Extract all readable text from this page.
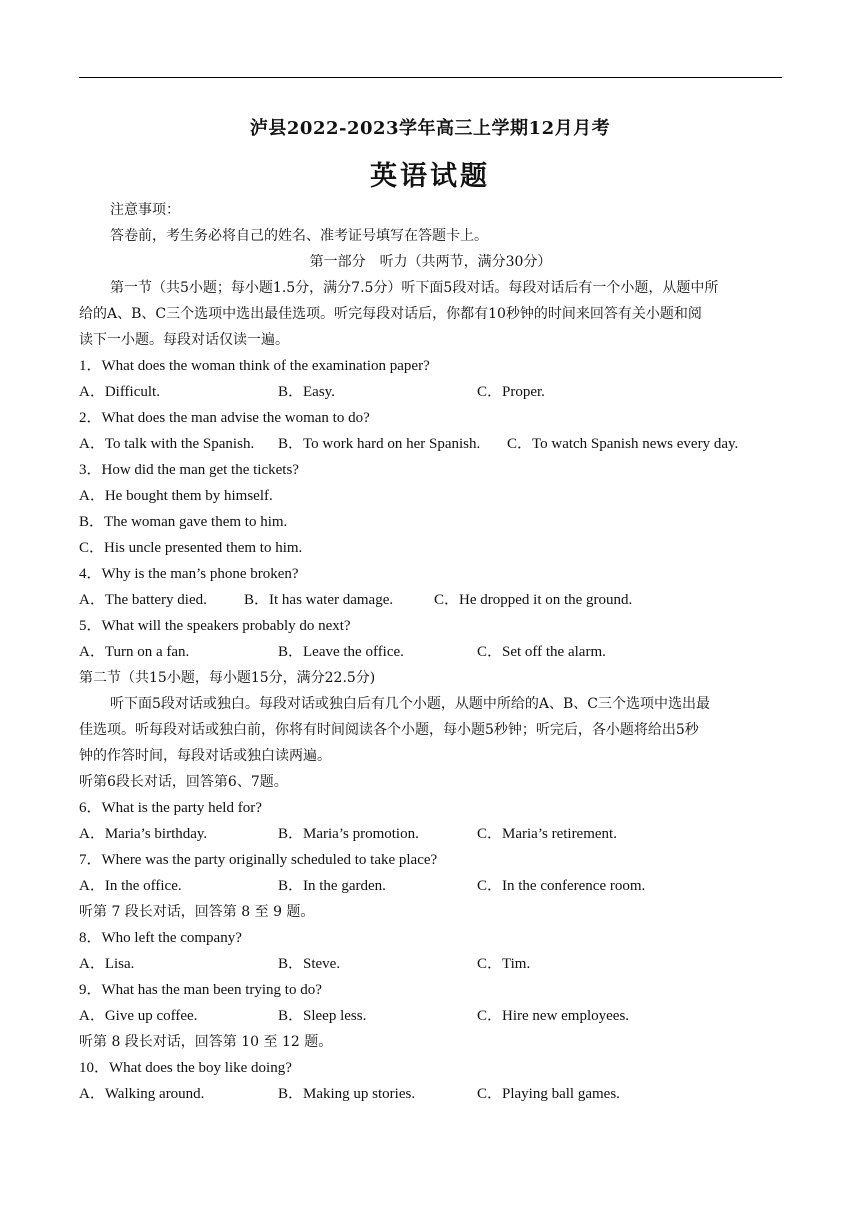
泸县2022-2023学年高三上学期12月月考
英语试题
注意事项：
答卷前，考生务必将自己的姓名、准考证号填写在答题卡上。
第一部分　听力（共两节，满分30分）
第一节（共5小题；每小题1.5分，满分7.5分）听下面5段对话。每段对话后有一个小题，从题中所
给的A、B、C三个选项中选出最佳选项。听完每段对话后，你都有10秒钟的时间来回答有关小题和阅
读下一小题。每段对话仅读一遍。
1．What does the woman think of the examination paper?
A．Difficult.	B．Easy.	C．Proper.
2．What does the man advise the woman to do?
A．To talk with the Spanish. B．To work hard on her Spanish. C．To watch Spanish news every day.
3．How did the man get the tickets?
A．He bought them by himself.
B．The woman gave them to him.
C．His uncle presented them to him.
4．Why is the man’s phone broken?
A．The battery died. B．It has water damage.	C．He dropped it on the ground.
5．What will the speakers probably do next?
A．Turn on a fan.	B．Leave the office.	C．Set off the alarm.
第二节（共15小题，每小题15分，满分22.5分)
听下面5段对话或独白。每段对话或独白后有几个小题，从题中所给的A、B、C三个选项中选出最
佳选项。听每段对话或独白前，你将有时间阅读各个小题，每小题5秒钟；听完后，各小题将给出5秒
钟的作答时间，每段对话或独白读两遍。
听第6段长对话，回答第6、7题。
6．What is the party held for?
A．Maria’s birthday.	B．Maria’s promotion.	C．Maria’s retirement.
7．Where was the party originally scheduled to take place?
A．In the office.	B．In the garden.	C．In the conference room.
听第 7 段长对话，回答第 8 至 9 题。
8．Who left the company?
A．Lisa.	B．Steve.	C．Tim.
9．What has the man been trying to do?
A．Give up coffee.	B．Sleep less.	C．Hire new employees.
听第 8 段长对话，回答第 10 至 12 题。
10．What does the boy like doing?
A．Walking around.	B．Making up stories.	C．Playing ball games.
